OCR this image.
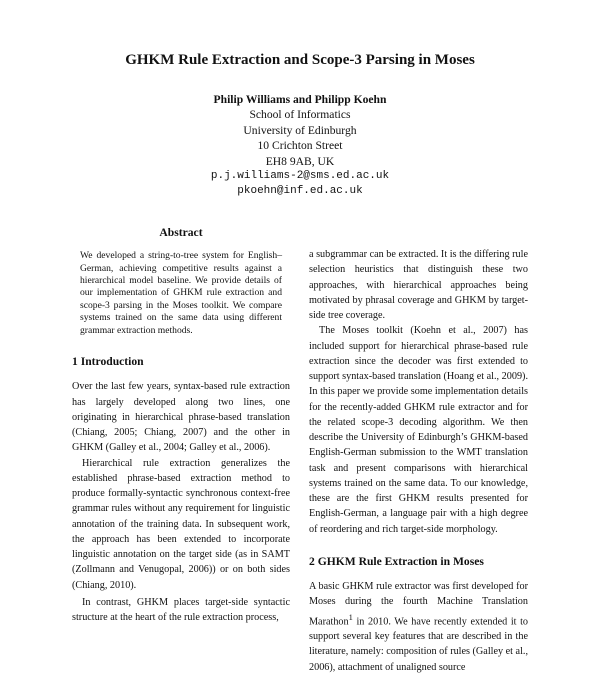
GHKM Rule Extraction and Scope-3 Parsing in Moses
Philip Williams and Philipp Koehn
School of Informatics
University of Edinburgh
10 Crichton Street
EH8 9AB, UK
p.j.williams-2@sms.ed.ac.uk
pkoehn@inf.ed.ac.uk

Abstract

We developed a string-to-tree system for English–German, achieving competitive results against a hierarchical model baseline. We provide details of our implementation of GHKM rule extraction and scope-3 parsing in the Moses toolkit. We compare systems trained on the same data using different grammar extraction methods.

1 Introduction

Over the last few years, syntax-based rule extraction has largely developed along two lines, one originating in hierarchical phrase-based translation (Chiang, 2005; Chiang, 2007) and the other in GHKM (Galley et al., 2004; Galley et al., 2006).

Hierarchical rule extraction generalizes the established phrase-based extraction method to produce formally-syntactic synchronous context-free grammar rules without any requirement for linguistic annotation of the training data. In subsequent work, the approach has been extended to incorporate linguistic annotation on the target side (as in SAMT (Zollmann and Venugopal, 2006)) or on both sides (Chiang, 2010).

In contrast, GHKM places target-side syntactic structure at the heart of the rule extraction process,

a subgrammar can be extracted. It is the differing rule selection heuristics that distinguish these two approaches, with hierarchical approaches being motivated by phrasal coverage and GHKM by target-side tree coverage.

The Moses toolkit (Koehn et al., 2007) has included support for hierarchical phrase-based rule extraction since the decoder was first extended to support syntax-based translation (Hoang et al., 2009). In this paper we provide some implementation details for the recently-added GHKM rule extractor and for the related scope-3 decoding algorithm. We then describe the University of Edinburgh’s GHKM-based English-German submission to the WMT translation task and present comparisons with hierarchical systems trained on the same data. To our knowledge, these are the first GHKM results presented for English-German, a language pair with a high degree of reordering and rich target-side morphology.

2 GHKM Rule Extraction in Moses

A basic GHKM rule extractor was first developed for Moses during the fourth Machine Translation Marathon$^1$ in 2010. We have recently extended it to support several key features that are described in the literature, namely: composition of rules (Galley et al., 2006), attachment of unaligned source
